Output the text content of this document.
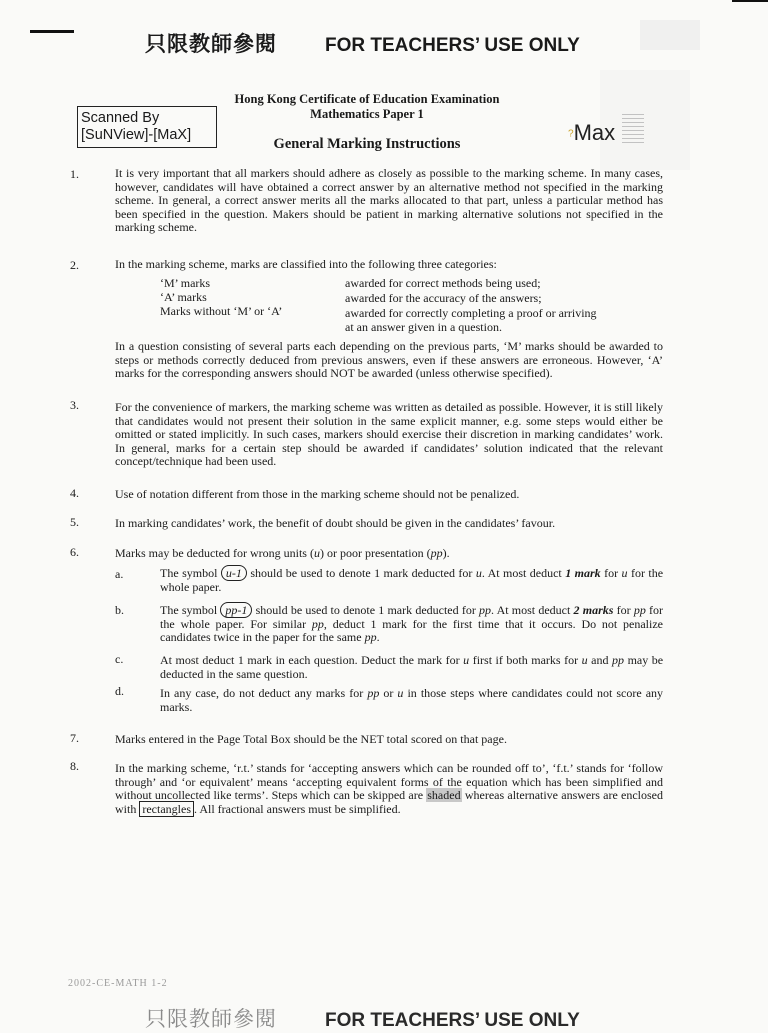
只限教師參閱	FOR TEACHERS’ USE ONLY
Scanned By
[SuNView]-[MaX]
Hong Kong Certificate of Education Examination
Mathematics Paper 1
General Marking Instructions
?Max
1.	It is very important that all markers should adhere as closely as possible to the marking scheme. In many cases, however, candidates will have obtained a correct answer by an alternative method not specified in the marking scheme. In general, a correct answer merits all the marks allocated to that part, unless a particular method has been specified in the question. Makers should be patient in marking alternative solutions not specified in the marking scheme.
2.	In the marking scheme, marks are classified into the following three categories:
‘M’ marks	awarded for correct methods being used;
‘A’ marks	awarded for the accuracy of the answers;
Marks without ‘M’ or ‘A’	awarded for correctly completing a proof or arriving
at an answer given in a question.
In a question consisting of several parts each depending on the previous parts, ‘M’ marks should be awarded to steps or methods correctly deduced from previous answers, even if these answers are erroneous. However, ‘A’ marks for the corresponding answers should NOT be awarded (unless otherwise specified).
3.	For the convenience of markers, the marking scheme was written as detailed as possible. However, it is still likely that candidates would not present their solution in the same explicit manner, e.g. some steps would either be omitted or stated implicitly. In such cases, markers should exercise their discretion in marking candidates’ work. In general, marks for a certain step should be awarded if candidates’ solution indicated that the relevant concept/technique had been used.
4.	Use of notation different from those in the marking scheme should not be penalized.
5.	In marking candidates’ work, the benefit of doubt should be given in the candidates’ favour.
6.	Marks may be deducted for wrong units (u) or poor presentation (pp).
a.	The symbol u-1 should be used to denote 1 mark deducted for u. At most deduct 1 mark for u for the whole paper.
b.	The symbol pp-1 should be used to denote 1 mark deducted for pp. At most deduct 2 marks for pp for the whole paper. For similar pp, deduct 1 mark for the first time that it occurs. Do not penalize candidates twice in the paper for the same pp.
c.	At most deduct 1 mark in each question. Deduct the mark for u first if both marks for u and pp may be deducted in the same question.
d.	In any case, do not deduct any marks for pp or u in those steps where candidates could not score any marks.
7.	Marks entered in the Page Total Box should be the NET total scored on that page.
8.	In the marking scheme, ‘r.t.’ stands for ‘accepting answers which can be rounded off to’, ‘f.t.’ stands for ‘follow through’ and ‘or equivalent’ means ‘accepting equivalent forms of the equation which has been simplified and without uncollected like terms’. Steps which can be skipped are shaded whereas alternative answers are enclosed with rectangles . All fractional answers must be simplified.
2002-CE-MATH 1-2
只限教師參閱	FOR TEACHERS’ USE ONLY
